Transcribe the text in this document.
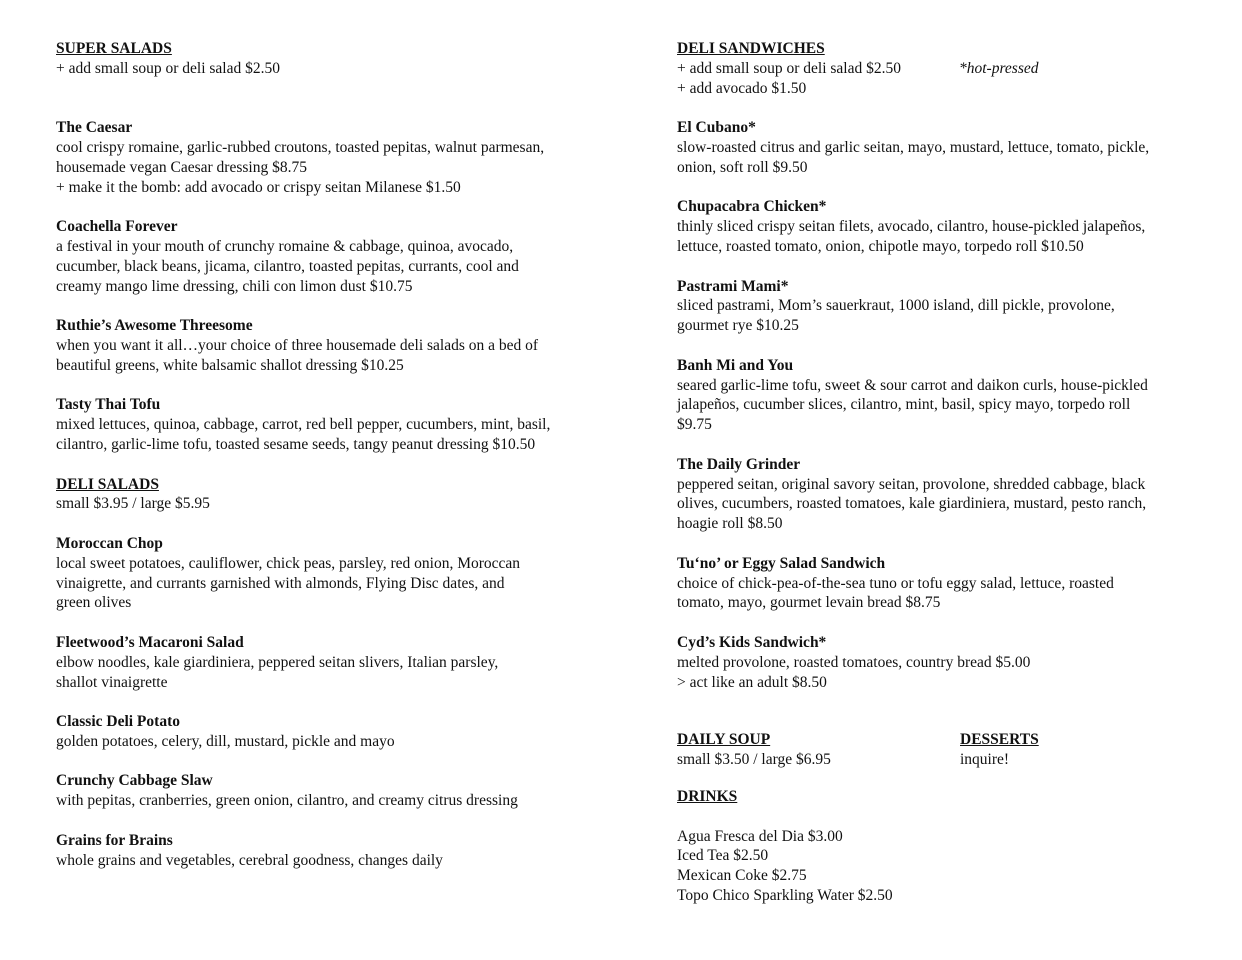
SUPER SALADS
+ add small soup or deli salad $2.50
The Caesar
cool crispy romaine, garlic-rubbed croutons, toasted pepitas, walnut parmesan,
housemade vegan Caesar dressing $8.75
+ make it the bomb: add avocado or crispy seitan Milanese $1.50
Coachella Forever
a festival in your mouth of crunchy romaine & cabbage, quinoa, avocado,
cucumber, black beans, jicama, cilantro, toasted pepitas, currants, cool and
creamy mango lime dressing, chili con limon dust $10.75
Ruthie’s Awesome Threesome
when you want it all…your choice of three housemade deli salads on a bed of
beautiful greens, white balsamic shallot dressing $10.25
Tasty Thai Tofu
mixed lettuces, quinoa, cabbage, carrot, red bell pepper, cucumbers, mint, basil,
cilantro, garlic-lime tofu, toasted sesame seeds, tangy peanut dressing $10.50
DELI SALADS
small $3.95 / large $5.95
Moroccan Chop
local sweet potatoes, cauliflower, chick peas, parsley, red onion, Moroccan
vinaigrette, and currants garnished with almonds, Flying Disc dates, and
green olives
Fleetwood’s Macaroni Salad
elbow noodles, kale giardiniera, peppered seitan slivers, Italian parsley,
shallot vinaigrette
Classic Deli Potato
golden potatoes, celery, dill, mustard, pickle and mayo
Crunchy Cabbage Slaw
with pepitas, cranberries, green onion, cilantro, and creamy citrus dressing
Grains for Brains
whole grains and vegetables, cerebral goodness, changes daily
DELI SANDWICHES
+ add small soup or deli salad $2.50	*hot-pressed
+ add avocado $1.50
El Cubano*
slow-roasted citrus and garlic seitan, mayo, mustard, lettuce, tomato, pickle,
onion, soft roll $9.50
Chupacabra Chicken*
thinly sliced crispy seitan filets, avocado, cilantro, house-pickled jalapeños,
lettuce, roasted tomato, onion, chipotle mayo, torpedo roll $10.50
Pastrami Mami*
sliced pastrami, Mom’s sauerkraut, 1000 island, dill pickle, provolone,
gourmet rye $10.25
Banh Mi and You
seared garlic-lime tofu, sweet & sour carrot and daikon curls, house-pickled
jalapeños, cucumber slices, cilantro, mint, basil, spicy mayo, torpedo roll
$9.75
The Daily Grinder
peppered seitan, original savory seitan, provolone, shredded cabbage, black
olives, cucumbers, roasted tomatoes, kale giardiniera, mustard, pesto ranch,
hoagie roll $8.50
Tu‘no’ or Eggy Salad Sandwich
choice of chick-pea-of-the-sea tuno or tofu eggy salad, lettuce, roasted
tomato, mayo, gourmet levain bread $8.75
Cyd’s Kids Sandwich*
melted provolone, roasted tomatoes, country bread $5.00
> act like an adult $8.50
DAILY SOUP
small $3.50 / large $6.95
DESSERTS
inquire!
DRINKS
Agua Fresca del Dia $3.00
Iced Tea $2.50
Mexican Coke $2.75
Topo Chico Sparkling Water $2.50
